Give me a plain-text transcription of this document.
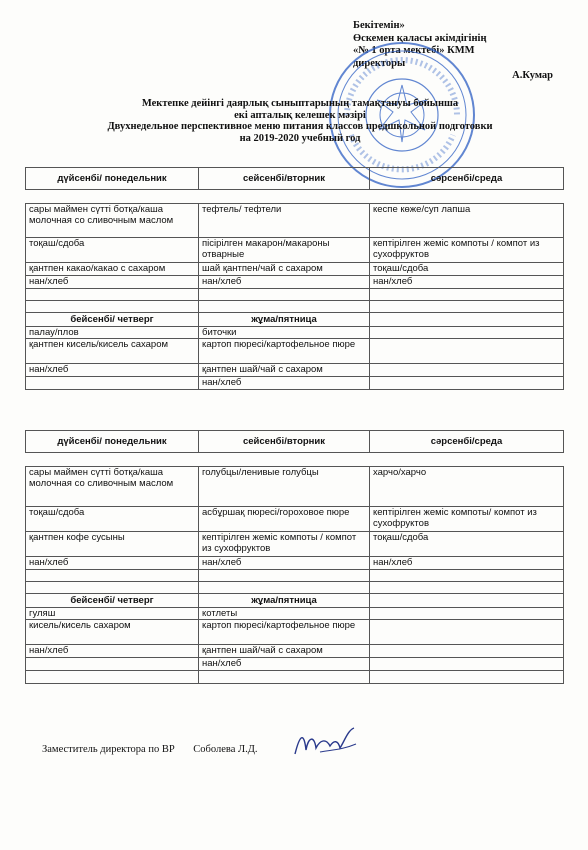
Бекітемін»
Өскемен қаласы әкімдігінің
«№ 1 орта мектебі» КММ
директоры
А.Кумар
Мектепке дейінгі даярлық сыныптарының тамақтануы бойынша
екі апталық келешек мәзірі
Двухнедельное перспективное меню питания классов предшкольной подготовки
на 2019-2020 учебный год
дүйсенбі/ понедельник	сейсенбі/вторник	сәрсенбі/среда

сары маймен сүтті ботқа/каша молочная со сливочным маслом	тефтель/ тефтели	кеспе көже/суп лапша
тоқаш/сдоба	пісірілген макарон/макароны отварные	кептірілген жеміс компоты / компот из сухофруктов
қантпен какао/какао с сахаром	шай қантпен/чай с сахаром	тоқаш/сдоба
нан/хлеб	нан/хлеб	нан/хлеб

бейсенбі/ четверг	жұма/пятница	
палау/плов	биточки	
қантпен кисель/кисель сахаром	картоп пюресі/картофельное пюре	
нан/хлеб	қантпен шай/чай с сахаром	
	нан/хлеб	
дүйсенбі/ понедельник	сейсенбі/вторник	сәрсенбі/среда

сары маймен сүтті ботқа/каша молочная со сливочным маслом	голубцы/ленивые голубцы	харчо/харчо
тоқаш/сдоба	асбұршақ пюресі/гороховое пюре	кептірілген жеміс компоты/ компот из сухофруктов
қантпен кофе сусыны	кептірілген жеміс компоты / компот из сухофруктов	тоқаш/сдоба
нан/хлеб	нан/хлеб	нан/хлеб

бейсенбі/ четверг	жұма/пятница	
гуляш	котлеты	
кисель/кисель сахаром	картоп пюресі/картофельное пюре	
нан/хлеб	қантпен шай/чай с сахаром	
	нан/хлеб	

Заместитель директора по ВР Соболева Л.Д.
